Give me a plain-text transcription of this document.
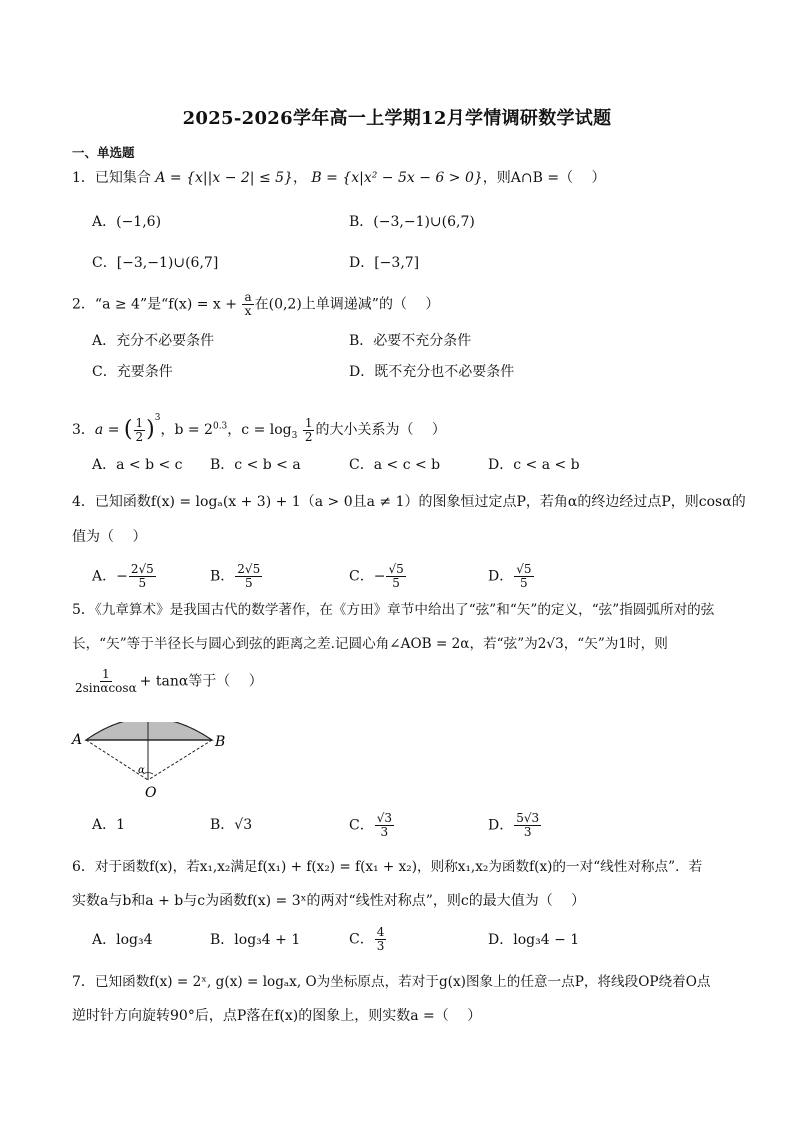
2025-2026学年高一上学期12月学情调研数学试题
一、单选题
1．已知集合 A = {x||x − 2| ≤ 5}， B = {x|x² − 5x − 6 > 0}，则A∩B =（　 ）
A．(−1,6)	B．(−3,−1)∪(6,7)
C．[−3,−1)∪(6,7]	D．[−3,7]
2．“a ≥ 4”是“$f(x) = x + \frac{a}{x}$ 在(0,2)上单调递减”的（　 ）
A．充分不必要条件	B．必要不充分条件
C．充要条件	D．既不充分也不必要条件
3．a = ( $\frac{1}{2} )^3$，$b = 2^{0.3}$，$c = \log_3 \frac{1}{2}$ 的大小关系为（　 ）
A．a < b < c B．c < b < a	C．a < c < b	D．c < a < b
4．已知函数f(x) = logₐ(x + 3) + 1（a > 0且a ≠ 1）的图象恒过定点P，若角α的终边经过点P，则cosα的
值为（　 ）
A．− $\frac{2√5}{5}$	B． $\frac{2√5}{5}$	C．− $\frac{√5}{5}$	D． $\frac{√5}{5}$
5．《九章算术》是我国古代的数学著作，在《方田》章节中给出了“弦”和“矢”的定义，“弦”指圆弧所对的弦
长，“矢”等于半径长与圆心到弦的距离之差.记圆心角∠AOB = 2α，若“弦”为2√3，“矢”为1时，则
$\frac{1}{2\sin\alpha\cos\alpha} + \tan\alpha$等于（　 ）
A	B
O
α
A．1	B．√3	C． $\frac{√3}{3}$	D． $\frac{5√3}{3}$
6．对于函数f(x)，若x₁,x₂满足f(x₁) + f(x₂) = f(x₁ + x₂)，则称x₁,x₂为函数f(x)的一对“线性对称点”．若
实数a与b和a + b与c为函数f(x) = 3ˣ的两对“线性对称点”，则c的最大值为（　 ）
A．log₃4	B．log₃4 + 1	C． $\frac{4}{3}$	D．log₃4 − 1
7．已知函数f(x) = 2ˣ, g(x) = logₐx, O为坐标原点，若对于g(x)图象上的任意一点P，将线段OP绕着O点
逆时针方向旋转90°后，点P落在f(x)的图象上，则实数a =（　 ）
